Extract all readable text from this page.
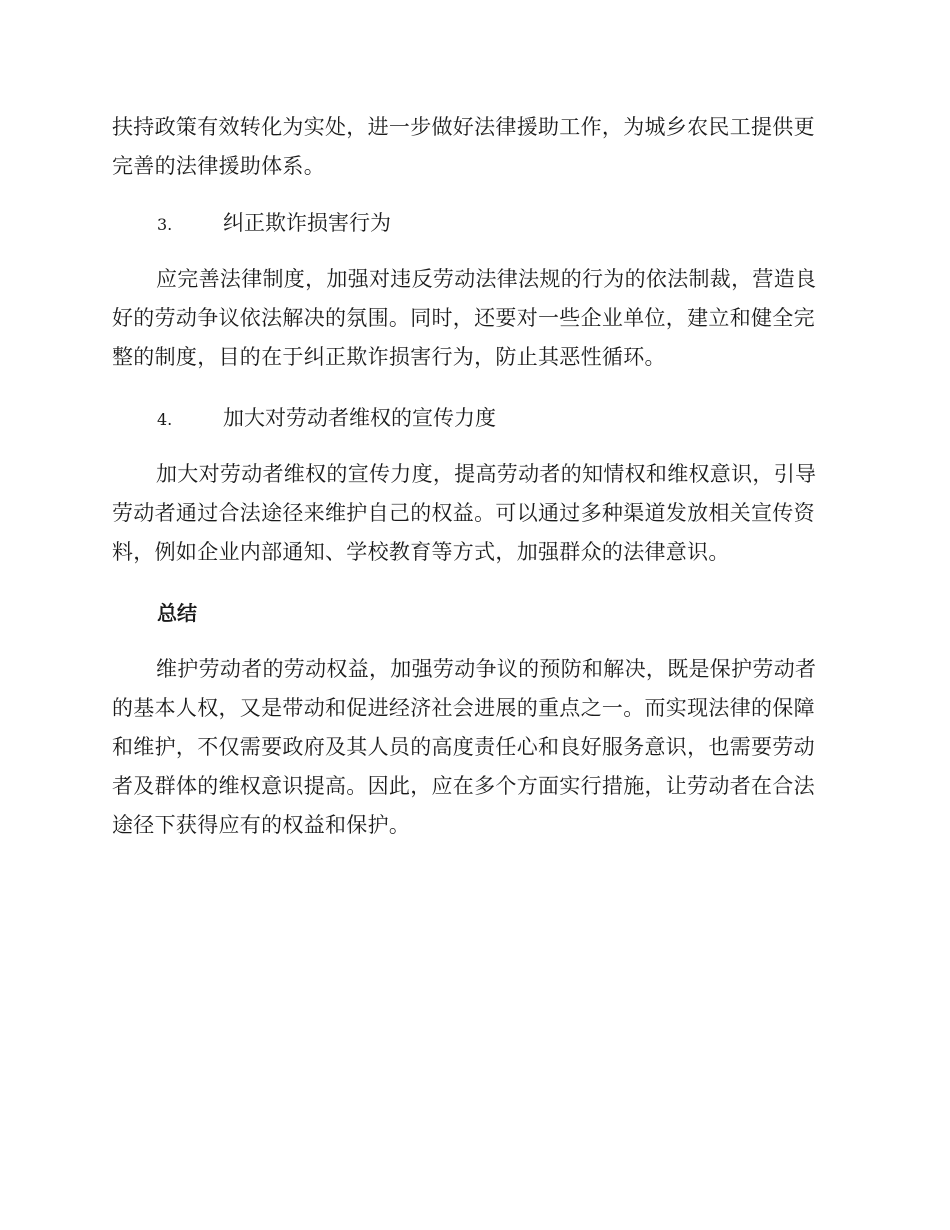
扶持政策有效转化为实处，进一步做好法律援助工作，为城乡农民工提供更完善的法律援助体系。

3. 纠正欺诈损害行为

应完善法律制度，加强对违反劳动法律法规的行为的依法制裁，营造良好的劳动争议依法解决的氛围。同时，还要对一些企业单位，建立和健全完整的制度，目的在于纠正欺诈损害行为，防止其恶性循环。

4. 加大对劳动者维权的宣传力度

加大对劳动者维权的宣传力度，提高劳动者的知情权和维权意识，引导劳动者通过合法途径来维护自己的权益。可以通过多种渠道发放相关宣传资料，例如企业内部通知、学校教育等方式，加强群众的法律意识。

总结

维护劳动者的劳动权益，加强劳动争议的预防和解决，既是保护劳动者的基本人权，又是带动和促进经济社会进展的重点之一。而实现法律的保障和维护，不仅需要政府及其人员的高度责任心和良好服务意识，也需要劳动者及群体的维权意识提高。因此，应在多个方面实行措施，让劳动者在合法途径下获得应有的权益和保护。
